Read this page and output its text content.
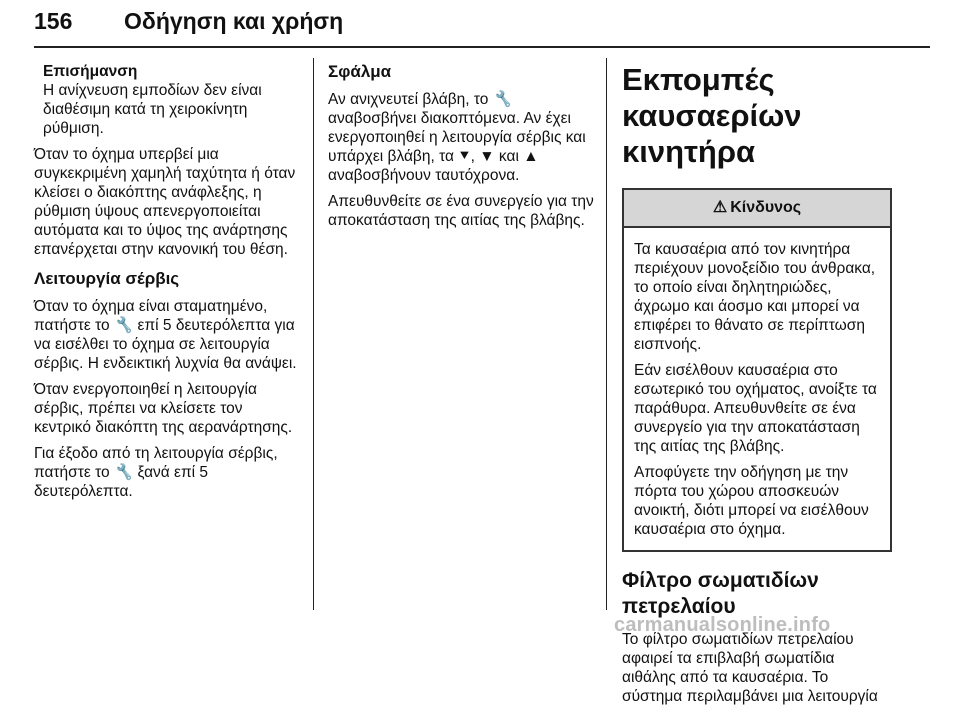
156 Οδήγηση και χρήση
Επισήμανση

Η ανίχνευση εμποδίων δεν είναι διαθέσιμη κατά τη χειροκίνητη ρύθμιση.

Όταν το όχημα υπερβεί μια συγκεκριμένη χαμηλή ταχύτητα ή όταν κλείσει ο διακόπτης ανάφλεξης, η ρύθμιση ύψους απενεργοποιείται αυτόματα και το ύψος της ανάρτησης επανέρχεται στην κανονική του θέση.

Λειτουργία σέρβις

Όταν το όχημα είναι σταματημένο, πατήστε το 🔧 επί 5 δευτερόλεπτα για να εισέλθει το όχημα σε λειτουργία σέρβις. Η ενδεικτική λυχνία θα ανάψει.

Όταν ενεργοποιηθεί η λειτουργία σέρβις, πρέπει να κλείσετε τον κεντρικό διακόπτη της αερανάρτησης.

Για έξοδο από τη λειτουργία σέρβις, πατήστε το 🔧 ξανά επί 5 δευτερόλεπτα.

Σφάλμα

Αν ανιχνευτεί βλάβη, το 🔧 αναβοσβήνει διακοπτόμενα. Αν έχει ενεργοποιηθεί η λειτουργία σέρβις και υπάρχει βλάβη, τα ⯆, ▼ και ▲ αναβοσβήνουν ταυτόχρονα.

Απευθυνθείτε σε ένα συνεργείο για την αποκατάσταση της αιτίας της βλάβης.

Εκπομπές καυσαερίων κινητήρα
⚠ Κίνδυνος

Τα καυσαέρια από τον κινητήρα περιέχουν μονοξείδιο του άνθρακα, το οποίο είναι δηλητηριώδες, άχρωμο και άοσμο και μπορεί να επιφέρει το θάνατο σε περίπτωση εισπνοής.

Εάν εισέλθουν καυσαέρια στο εσωτερικό του οχήματος, ανοίξτε τα παράθυρα. Απευθυνθείτε σε ένα συνεργείο για την αποκατάσταση της αιτίας της βλάβης.

Αποφύγετε την οδήγηση με την πόρτα του χώρου αποσκευών ανοικτή, διότι μπορεί να εισέλθουν καυσαέρια στο όχημα.

Φίλτρο σωματιδίων πετρελαίου

Το φίλτρο σωματιδίων πετρελαίου αφαιρεί τα επιβλαβή σωματίδια αιθάλης από τα καυσαέρια. Το σύστημα περιλαμβάνει μια λειτουργία

carmanualsonline.info
